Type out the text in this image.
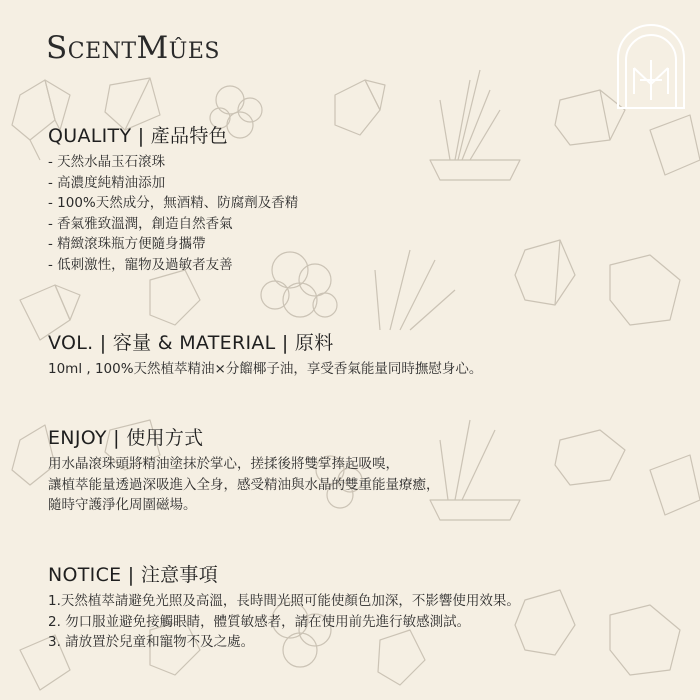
ScentMûes
QUALITY | 產品特色
- 天然水晶玉石滾珠
- 高濃度純精油添加
- 100%天然成分，無酒精、防腐劑及香精
- 香氣雅致溫潤，創造自然香氣
- 精緻滾珠瓶方便隨身攜帶
- 低刺激性，寵物及過敏者友善
VOL. | 容量 & MATERIAL | 原料
10ml , 100%天然植萃精油×分餾椰子油，享受香氣能量同時撫慰身心。
ENJOY | 使用方式
用水晶滾珠頭將精油塗抹於掌心，搓揉後將雙掌捧起吸嗅，
讓植萃能量透過深吸進入全身，感受精油與水晶的雙重能量療癒，
隨時守護淨化周圍磁場。
NOTICE | 注意事項
1.天然植萃請避免光照及高溫，長時間光照可能使顏色加深，不影響使用效果。
2. 勿口服並避免接觸眼睛，體質敏感者，請在使用前先進行敏感測試。
3. 請放置於兒童和寵物不及之處。
